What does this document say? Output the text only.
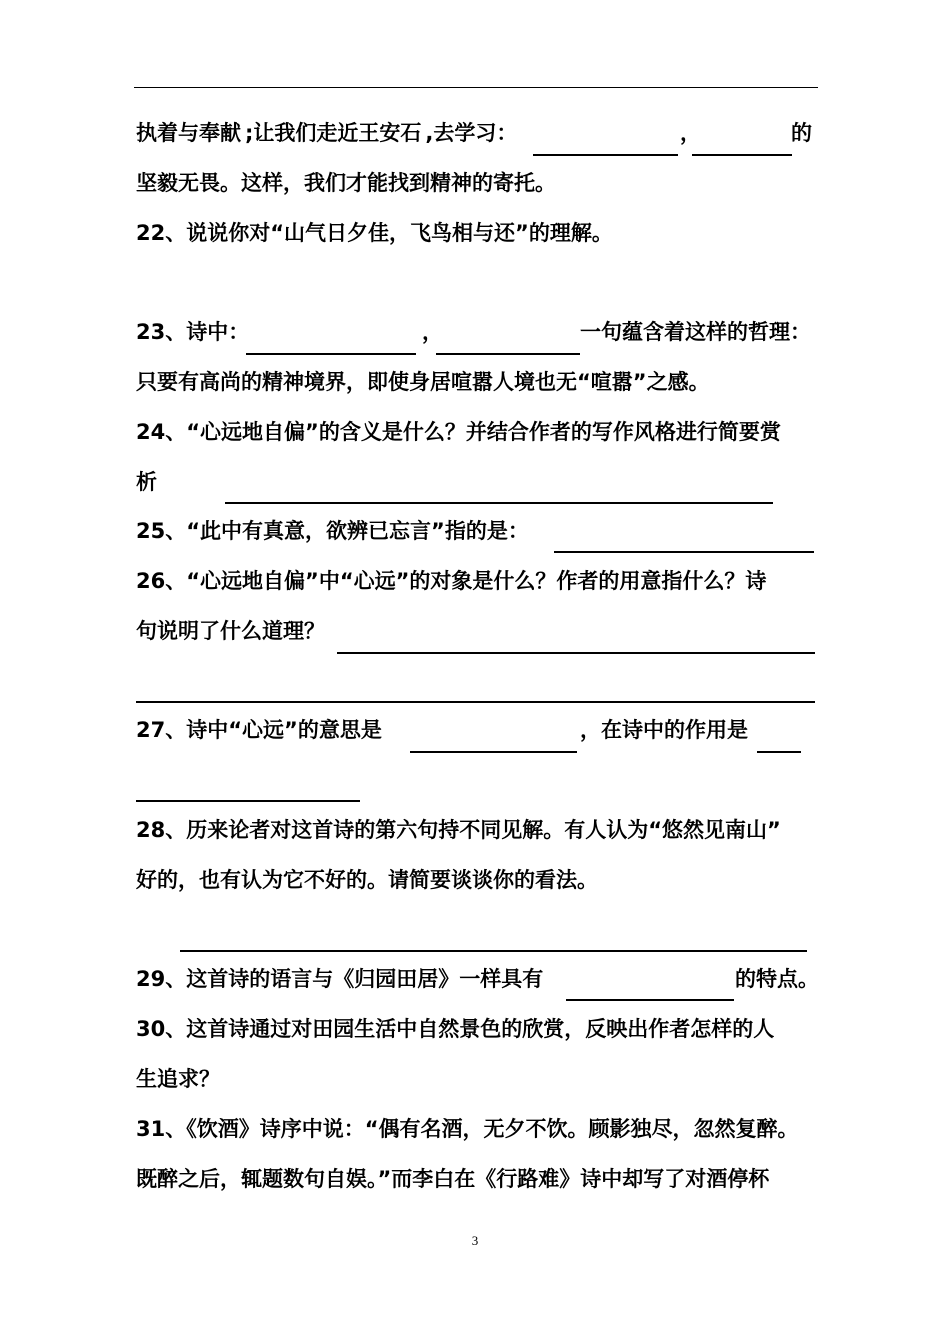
执着与奉献 ;让我们走近王安石 ,去学习：	，	的
坚毅无畏。这样，我们才能找到精神的寄托。
22、说说你对“山气日夕佳，飞鸟相与还”的理解。
23、诗中：	，	一句蕴含着这样的哲理：
只要有高尚的精神境界，即使身居喧嚣人境也无“喧嚣”之感。
24、“心远地自偏”的含义是什么？并结合作者的写作风格进行简要赏
析
25、“此中有真意，欲辨已忘言”指的是：
26、“心远地自偏”中“心远”的对象是什么？作者的用意指什么？诗
句说明了什么道理？
27、诗中“心远”的意思是	，在诗中的作用是
28、历来论者对这首诗的第六句持不同见解。有人认为“悠然见南山”
好的，也有认为它不好的。请简要谈谈你的看法。
29、这首诗的语言与《归园田居》一样具有	的特点。
30、这首诗通过对田园生活中自然景色的欣赏，反映出作者怎样的人
生追求？
31、《饮酒》诗序中说：“偶有名酒，无夕不饮。顾影独尽，忽然复醉。
既醉之后，辄题数句自娱。”而李白在《行路难》诗中却写了对酒停杯
3
